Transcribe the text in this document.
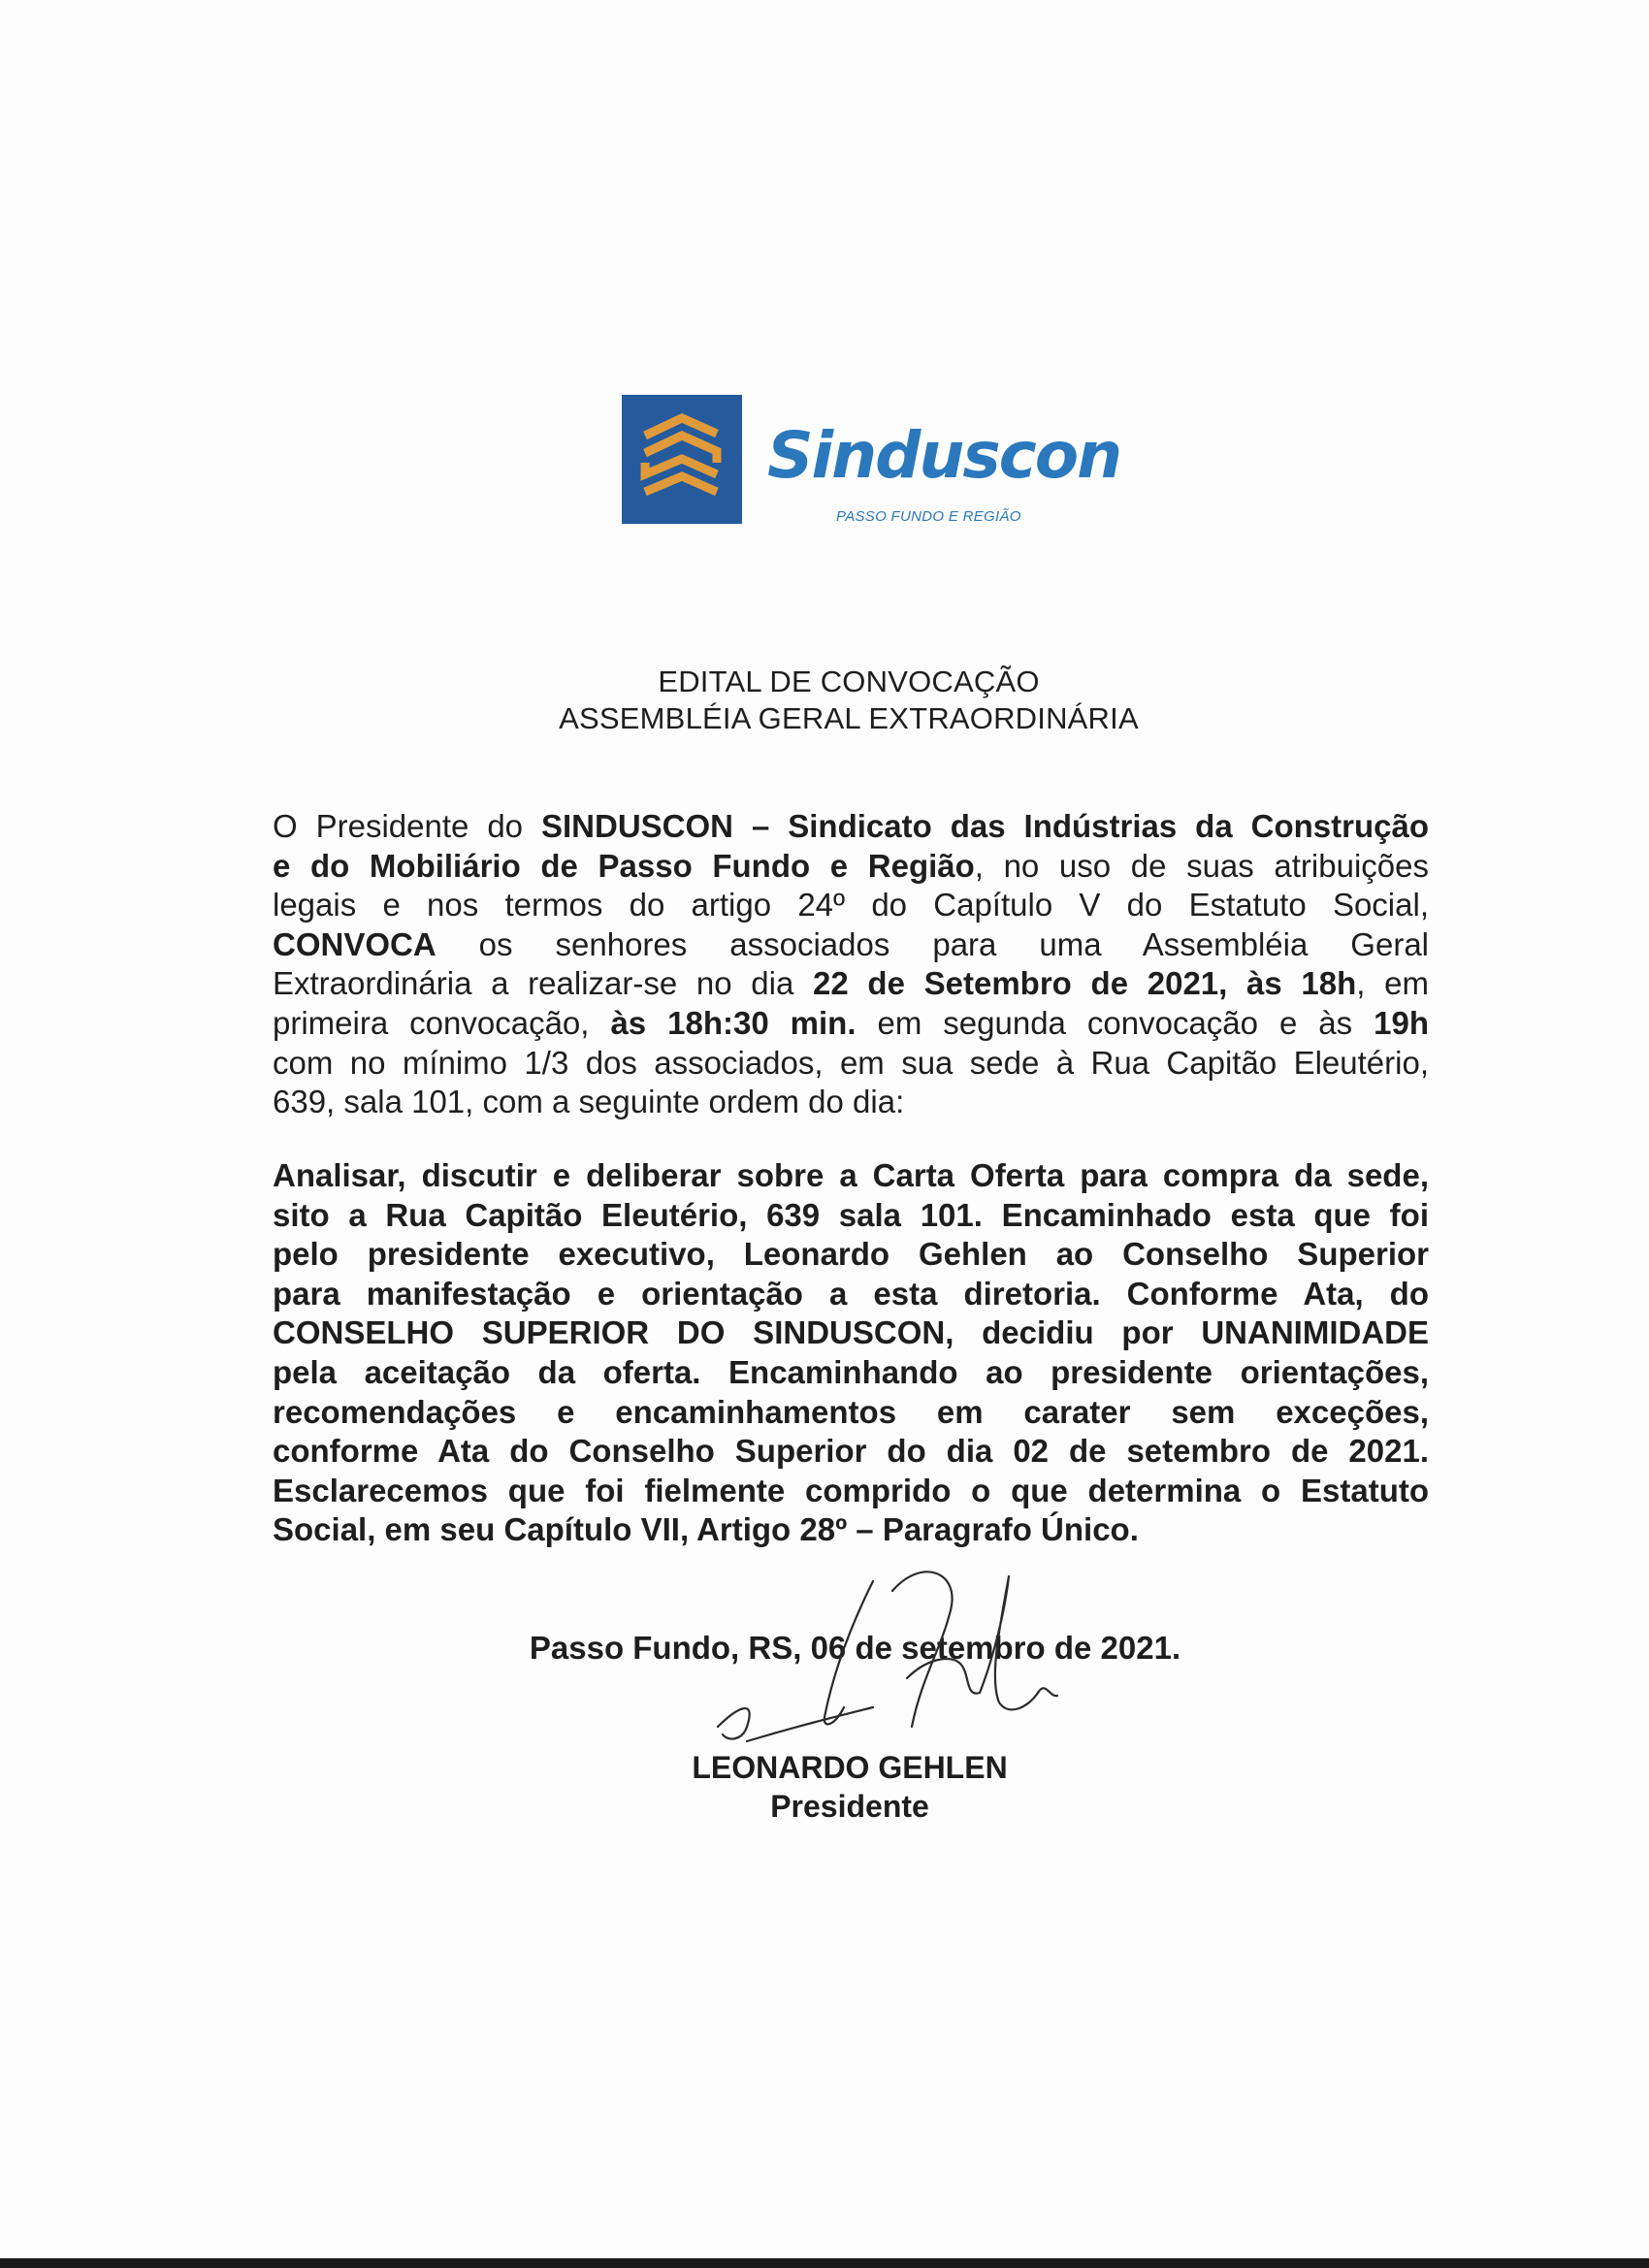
Sinduscon
PASSO FUNDO E REGIÃO
EDITAL DE CONVOCAÇÃO
ASSEMBLÉIA GERAL EXTRAORDINÁRIA
O Presidente do SINDUSCON – Sindicato das Indústrias da Construção
e do Mobiliário de Passo Fundo e Região, no uso de suas atribuições
legais e nos termos do artigo 24º do Capítulo V do Estatuto Social,
CONVOCA os senhores associados para uma Assembléia Geral
Extraordinária a realizar-se no dia 22 de Setembro de 2021, às 18h, em
primeira convocação, às 18h:30 min. em segunda convocação e às 19h
com no mínimo 1/3 dos associados, em sua sede à Rua Capitão Eleutério,
639, sala 101, com a seguinte ordem do dia:
Analisar, discutir e deliberar sobre a Carta Oferta para compra da sede,
sito a Rua Capitão Eleutério, 639 sala 101. Encaminhado esta que foi
pelo presidente executivo, Leonardo Gehlen ao Conselho Superior
para manifestação e orientação a esta diretoria. Conforme Ata, do
CONSELHO SUPERIOR DO SINDUSCON, decidiu por UNANIMIDADE
pela aceitação da oferta. Encaminhando ao presidente orientações,
recomendações e encaminhamentos em carater sem exceções,
conforme Ata do Conselho Superior do dia 02 de setembro de 2021.
Esclarecemos que foi fielmente comprido o que determina o Estatuto
Social, em seu Capítulo VII, Artigo 28º – Paragrafo Único.
Passo Fundo, RS, 06 de setembro de 2021.
LEONARDO GEHLEN
Presidente
